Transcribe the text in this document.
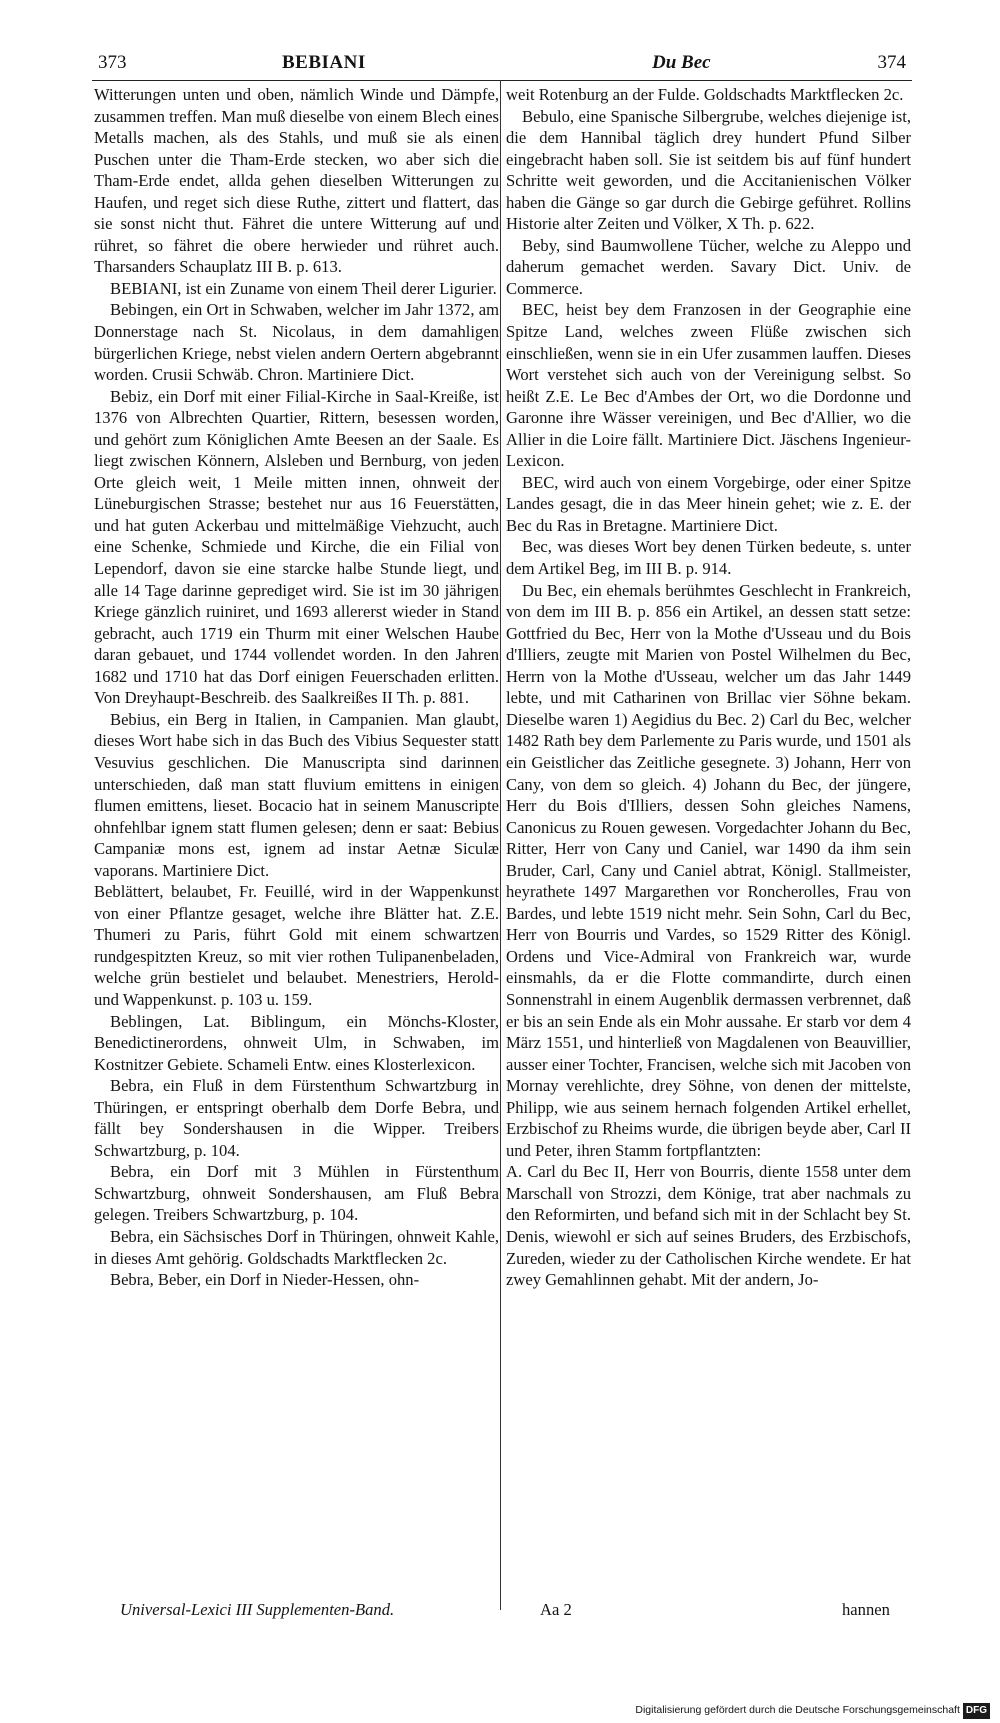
373	BEBIANI	Du Bec	374

Witterungen unten und oben, nämlich Winde und Dämpfe, zusammen treffen. Man muß dieselbe von einem Blech eines Metalls machen, als des Stahls, und muß sie als einen Puschen unter die Tham-Erde stecken, wo aber sich die Tham-Erde endet, allda gehen dieselben Witterungen zu Haufen, und reget sich diese Ruthe, zittert und flattert, das sie sonst nicht thut. Fähret die untere Witterung auf und rühret, so fähret die obere herwieder und rühret auch. Tharsanders Schauplatz III B. p. 613.

BEBIANI, ist ein Zuname von einem Theil derer Ligurier.

Bebingen, ein Ort in Schwaben, welcher im Jahr 1372, am Donnerstage nach St. Nicolaus, in dem damahligen bürgerlichen Kriege, nebst vielen andern Oertern abgebrannt worden. Crusii Schwäb. Chron. Martiniere Dict.

Bebiz, ein Dorf mit einer Filial-Kirche in Saal-Kreiße, ist 1376 von Albrechten Quartier, Rittern, besessen worden, und gehört zum Königlichen Amte Beesen an der Saale. Es liegt zwischen Könnern, Alsleben und Bernburg, von jeden Orte gleich weit, 1 Meile mitten innen, ohnweit der Lüneburgischen Strasse; bestehet nur aus 16 Feuerstätten, und hat guten Ackerbau und mittelmäßige Viehzucht, auch eine Schenke, Schmiede und Kirche, die ein Filial von Lependorf, davon sie eine starcke halbe Stunde liegt, und alle 14 Tage darinne geprediget wird. Sie ist im 30 jährigen Kriege gänzlich ruiniret, und 1693 allererst wieder in Stand gebracht, auch 1719 ein Thurm mit einer Welschen Haube daran gebauet, und 1744 vollendet worden. In den Jahren 1682 und 1710 hat das Dorf einigen Feuerschaden erlitten. Von Dreyhaupt-Beschreib. des Saalkreißes II Th. p. 881.

Bebius, ein Berg in Italien, in Campanien. Man glaubt, dieses Wort habe sich in das Buch des Vibius Sequester statt Vesuvius geschlichen. Die Manuscripta sind darinnen unterschieden, daß man statt fluvium emittens in einigen flumen emittens, lieset. Bocacio hat in seinem Manuscripte ohnfehlbar ignem statt flumen gelesen; denn er saat: Bebius Campaniæ mons est, ignem ad instar Aetnæ Siculæ vaporans. Martiniere Dict.

Beblättert, belaubet, Fr. Feuillé, wird in der Wappenkunst von einer Pflantze gesaget, welche ihre Blätter hat. Z.E. Thumeri zu Paris, führt Gold mit einem schwartzen rundgespitzten Kreuz, so mit vier rothen Tulipanenbeladen, welche grün bestielet und belaubet. Menestriers, Herold- und Wappenkunst. p. 103 u. 159.

Beblingen, Lat. Biblingum, ein Mönchs-Kloster, Benedictinerordens, ohnweit Ulm, in Schwaben, im Kostnitzer Gebiete. Schameli Entw. eines Klosterlexicon.

Bebra, ein Fluß in dem Fürstenthum Schwartzburg in Thüringen, er entspringt oberhalb dem Dorfe Bebra, und fällt bey Sondershausen in die Wipper. Treibers Schwartzburg, p. 104.

Bebra, ein Dorf mit 3 Mühlen in Fürstenthum Schwartzburg, ohnweit Sondershausen, am Fluß Bebra gelegen. Treibers Schwartzburg, p. 104.

Bebra, ein Sächsisches Dorf in Thüringen, ohnweit Kahle, in dieses Amt gehörig. Goldschadts Marktflecken 2c.

Bebra, Beber, ein Dorf in Nieder-Hessen, ohn-

weit Rotenburg an der Fulde. Goldschadts Marktflecken 2c.

Bebulo, eine Spanische Silbergrube, welches diejenige ist, die dem Hannibal täglich drey hundert Pfund Silber eingebracht haben soll. Sie ist seitdem bis auf fünf hundert Schritte weit geworden, und die Accitanienischen Völker haben die Gänge so gar durch die Gebirge geführet. Rollins Historie alter Zeiten und Völker, X Th. p. 622.

Beby, sind Baumwollene Tücher, welche zu Aleppo und daherum gemachet werden. Savary Dict. Univ. de Commerce.

BEC, heist bey dem Franzosen in der Geographie eine Spitze Land, welches zween Flüße zwischen sich einschließen, wenn sie in ein Ufer zusammen lauffen. Dieses Wort verstehet sich auch von der Vereinigung selbst. So heißt Z.E. Le Bec d'Ambes der Ort, wo die Dordonne und Garonne ihre Wässer vereinigen, und Bec d'Allier, wo die Allier in die Loire fällt. Martiniere Dict. Jäschens Ingenieur-Lexicon.

BEC, wird auch von einem Vorgebirge, oder einer Spitze Landes gesagt, die in das Meer hinein gehet; wie z. E. der Bec du Ras in Bretagne. Martiniere Dict.

Bec, was dieses Wort bey denen Türken bedeute, s. unter dem Artikel Beg, im III B. p. 914.

Du Bec, ein ehemals berühmtes Geschlecht in Frankreich, von dem im III B. p. 856 ein Artikel, an dessen statt setze: Gottfried du Bec, Herr von la Mothe d'Usseau und du Bois d'Illiers, zeugte mit Marien von Postel Wilhelmen du Bec, Herrn von la Mothe d'Usseau, welcher um das Jahr 1449 lebte, und mit Catharinen von Brillac vier Söhne bekam. Dieselbe waren 1) Aegidius du Bec. 2) Carl du Bec, welcher 1482 Rath bey dem Parlemente zu Paris wurde, und 1501 als ein Geistlicher das Zeitliche gesegnete. 3) Johann, Herr von Cany, von dem so gleich. 4) Johann du Bec, der jüngere, Herr du Bois d'Illiers, dessen Sohn gleiches Namens, Canonicus zu Rouen gewesen. Vorgedachter Johann du Bec, Ritter, Herr von Cany und Caniel, war 1490 da ihm sein Bruder, Carl, Cany und Caniel abtrat, Königl. Stallmeister, heyrathete 1497 Margarethen vor Roncherolles, Frau von Bardes, und lebte 1519 nicht mehr. Sein Sohn, Carl du Bec, Herr von Bourris und Vardes, so 1529 Ritter des Königl. Ordens und Vice-Admiral von Frankreich war, wurde einsmahls, da er die Flotte commandirte, durch einen Sonnenstrahl in einem Augenblik dermassen verbrennet, daß er bis an sein Ende als ein Mohr aussahe. Er starb vor dem 4 März 1551, und hinterließ von Magdalenen von Beauvillier, ausser einer Tochter, Francisen, welche sich mit Jacoben von Mornay verehlichte, drey Söhne, von denen der mittelste, Philipp, wie aus seinem hernach folgenden Artikel erhellet, Erzbischof zu Rheims wurde, die übrigen beyde aber, Carl II und Peter, ihren Stamm fortpflantzten:

A. Carl du Bec II, Herr von Bourris, diente 1558 unter dem Marschall von Strozzi, dem Könige, trat aber nachmals zu den Reformirten, und befand sich mit in der Schlacht bey St. Denis, wiewohl er sich auf seines Bruders, des Erzbischofs, Zureden, wieder zu der Catholischen Kirche wendete. Er hat zwey Gemahlinnen gehabt. Mit der andern, Jo-

Universal-Lexici III Supplementen-Band.	Aa 2	hannen
Digitalisierung gefördert durch die Deutsche Forschungsgemeinschaft DFG
